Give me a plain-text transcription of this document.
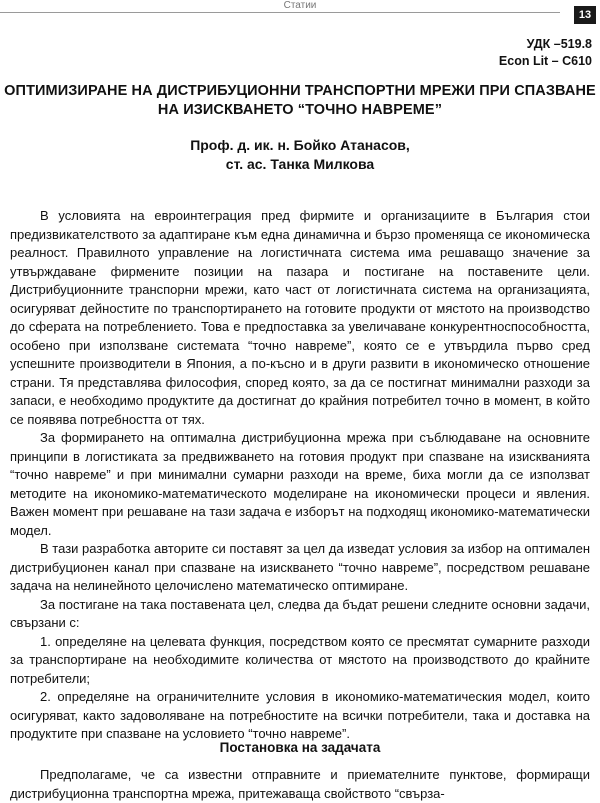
Статии
13
УДК –519.8
Econ Lit – C610
ОПТИМИЗИРАНЕ НА ДИСТРИБУЦИОННИ ТРАНСПОРТНИ МРЕЖИ ПРИ СПАЗВАНЕ НА ИЗИСКВАНЕТО “ТОЧНО НАВРЕМЕ”
Проф. д. ик. н. Бойко Атанасов,
ст. ас. Танка Милкова

В условията на евроинтеграция пред фирмите и организациите в България стои предизвикателството за адаптиране към една динамична и бързо променяща се икономическа реалност. Правилното управление на логистичната система има решаващо значение за утвърждаване фирмените позиции на пазара и постигане на поставените цели. Дистрибуционните транспорни мрежи, като част от логистичната система на организацията, осигуряват дейностите по транспортирането на готовите продукти от мястото на производство до сферата на потреблението. Това е предпоставка за увеличаване конкурентноспособността, особено при използване системата “точно навреме”, която се е утвърдила първо сред успешните производители в Япония, а по-късно и в други развити в икономическо отношение страни. Тя представлява философия, според която, за да се постигнат минимални разходи за запаси, е необходимо продуктите да достигнат до крайния потребител точно в момент, в който се появява потребността от тях.

За формирането на оптимална дистрибуционна мрежа при съблюдаване на основните принципи в логистиката за предвижването на готовия продукт при спазване на изискванията “точно навреме” и при минимални сумарни разходи на време, биха могли да се използват методите на икономико-математическото моделиране на икономически процеси и явления. Важен момент при решаване на тази задача е изборът на подходящ икономико-математически модел.

В тази разработка авторите си поставят за цел да изведат условия за избор на оптимален дистрибуционен канал при спазване на изискването “точно навреме”, посредством решаване задача на нелинейното целочислено математическо оптимиране.

За постигане на така поставената цел, следва да бъдат решени следните основни задачи, свързани с:

1. определяне на целевата функция, посредством която се пресмятат сумарните разходи за транспортиране на необходимите количества от мястото на производството до крайните потребители;

2. определяне на ограничителните условия в икономико-математическия модел, които осигуряват, както задоволяване на потребностите на всички потребители, така и доставка на продуктите при спазване на условието “точно навреме”.

Постановка на задачата

Предполагаме, че са известни отправните и приемателните пунктове, формиращи дистрибуционна транспортна мрежа, притежаваща свойството “свърза-
